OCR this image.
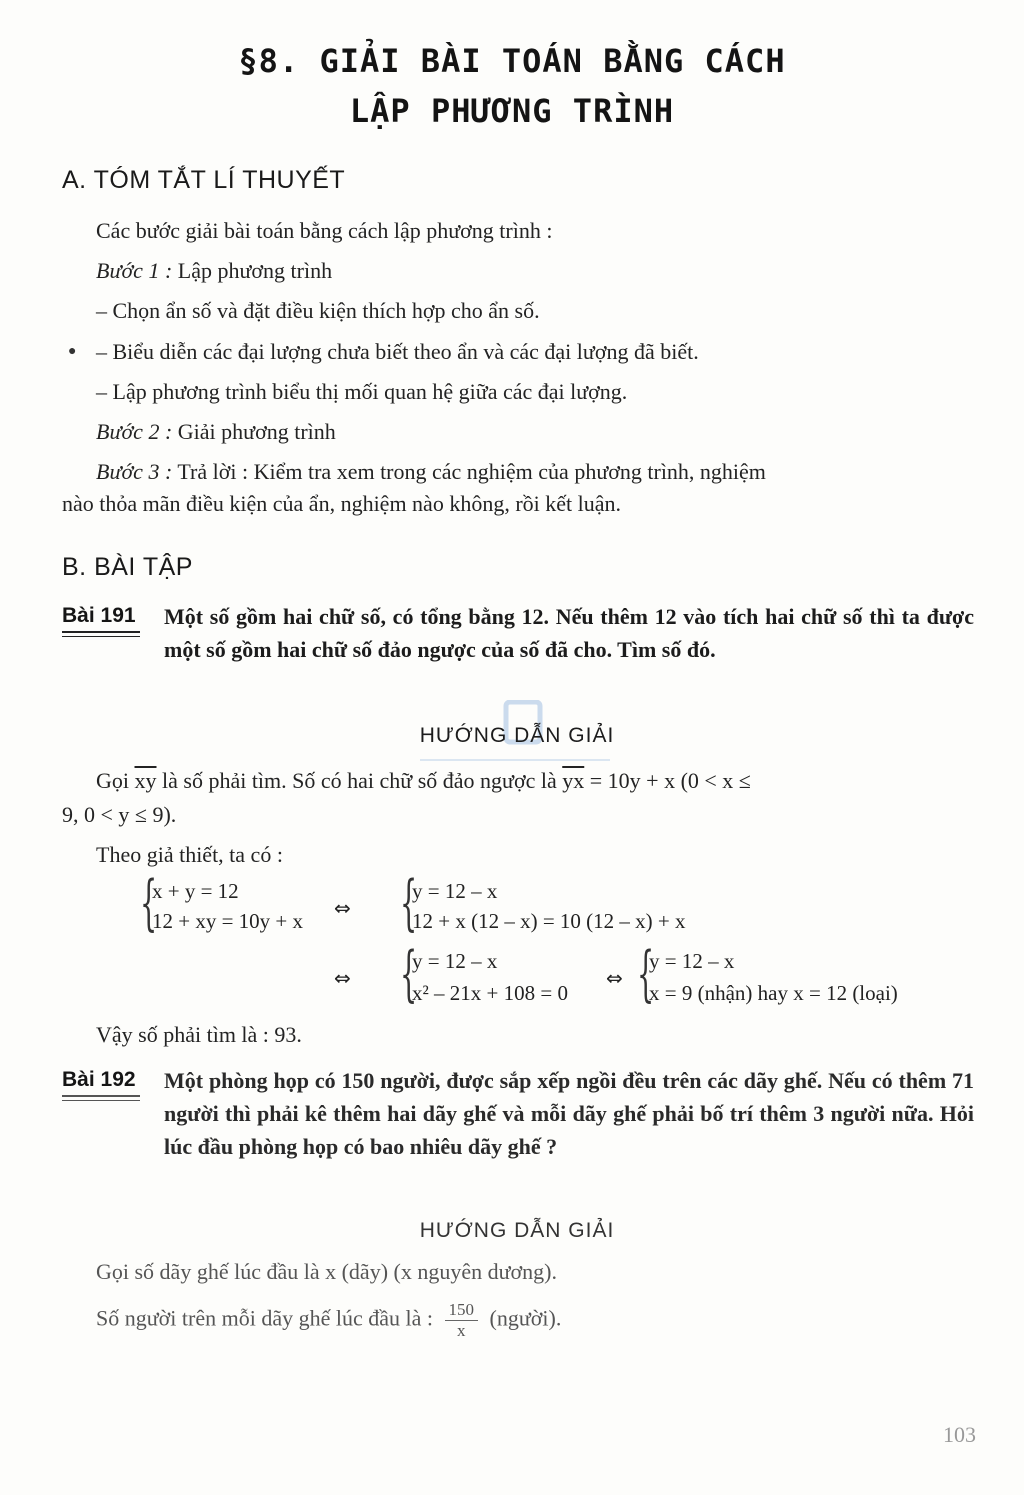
§8. GIẢI BÀI TOÁN BẰNG CÁCH
LẬP PHƯƠNG TRÌNH
A. TÓM TẮT LÍ THUYẾT
Các bước giải bài toán bằng cách lập phương trình :
Bước 1 : Lập phương trình
– Chọn ẩn số và đặt điều kiện thích hợp cho ẩn số.
● – Biểu diễn các đại lượng chưa biết theo ẩn và các đại lượng đã biết.
– Lập phương trình biểu thị mối quan hệ giữa các đại lượng.
Bước 2 : Giải phương trình
Bước 3 : Trả lời : Kiểm tra xem trong các nghiệm của phương trình, nghiệm
nào thỏa mãn điều kiện của ẩn, nghiệm nào không, rồi kết luận.
B. BÀI TẬP
Bài 191 Một số gồm hai chữ số, có tổng bằng 12. Nếu thêm 12 vào tích hai chữ số thì ta được một số gồm hai chữ số đảo ngược của số đã cho. Tìm số đó.
HƯỚNG DẪN GIẢI
Gọi $\overline{xy}$ là số phải tìm. Số có hai chữ số đảo ngược là $\overline{yx} = 10y + x$ (0 < x ≤
9, 0 < y ≤ 9).
Theo giả thiết, ta có :
{
x + y = 12
12 + xy = 10y + x
⇔ {
y = 12 – x
12 + x (12 – x) = 10 (12 – x) + x
⇔ {
y = 12 – x
x² – 21x + 108 = 0
⇔ {
y = 12 – x
x = 9 (nhận) hay x = 12 (loại)
Vậy số phải tìm là : 93.
Bài 192 Một phòng họp có 150 người, được sắp xếp ngồi đều trên các dãy ghế. Nếu có thêm 71 người thì phải kê thêm hai dãy ghế và mỗi dãy ghế phải bố trí thêm 3 người nữa. Hỏi lúc đầu phòng họp có bao nhiêu dãy ghế ?
HƯỚNG DẪN GIẢI
Gọi số dãy ghế lúc đầu là x (dãy) (x nguyên dương).
Số người trên mỗi dãy ghế lúc đầu là : $\frac{150}{x}$ (người).
103
